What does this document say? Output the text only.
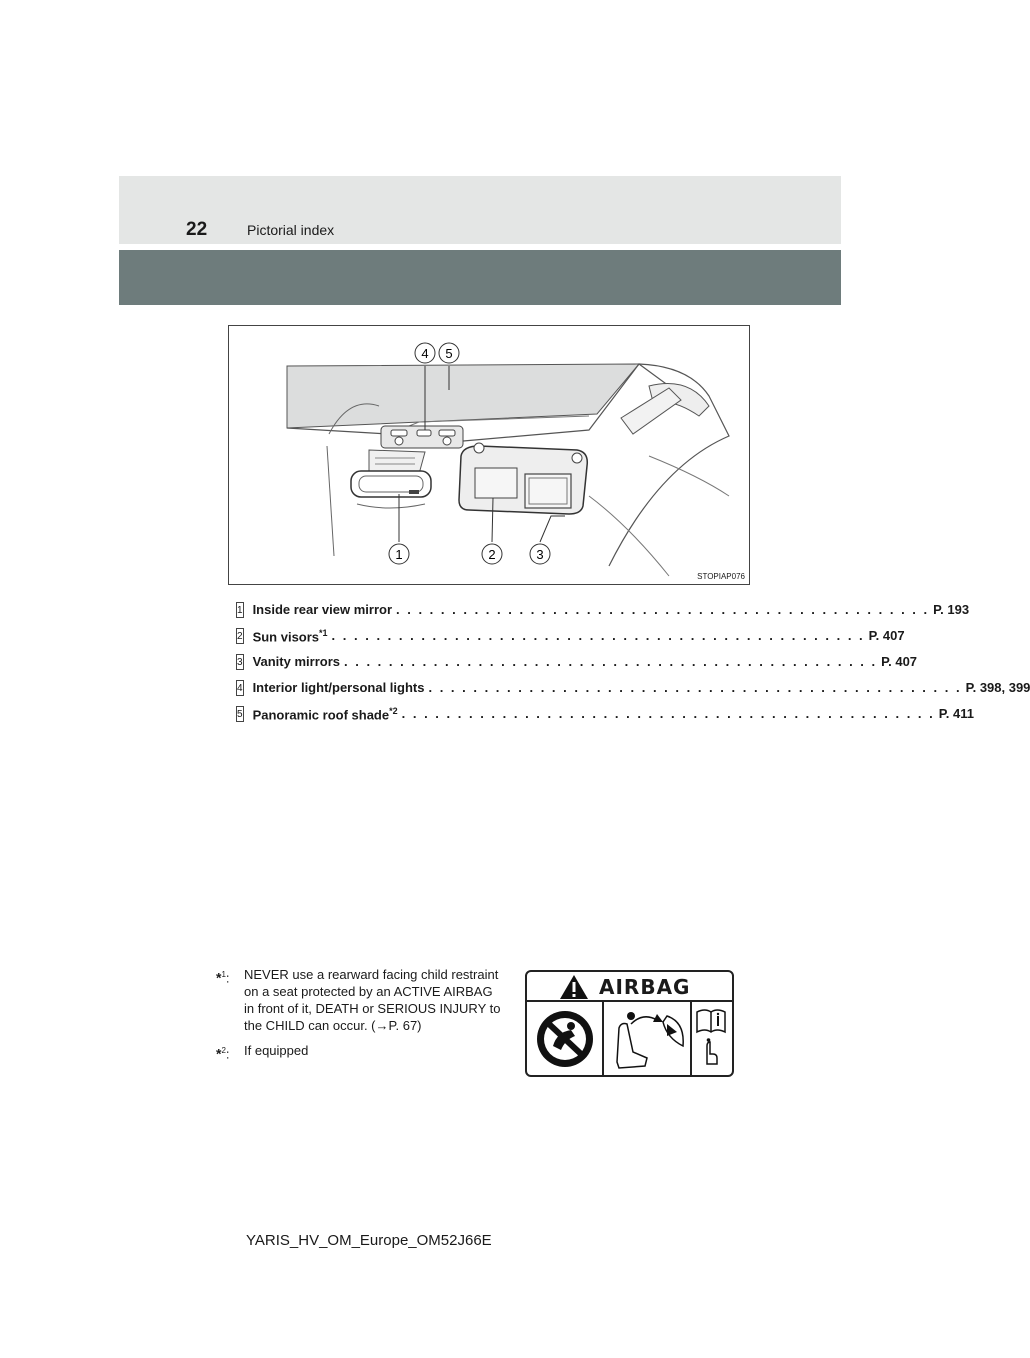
22	Pictorial index
4 5
1	2	3
STOPIAP076
1 Inside rear view mirror . . . . . . . . . . . . . . . . . . . . . . . . . . . . . . . . . . . . . . . . . . . . . . . . P. 193
2 Sun visors$^{*1}$ . . . . . . . . . . . . . . . . . . . . . . . . . . . . . . . . . . . . . . . . . . . . . . . . P. 407
3 Vanity mirrors . . . . . . . . . . . . . . . . . . . . . . . . . . . . . . . . . . . . . . . . . . . . . . . . P. 407
4 Interior light/personal lights . . . . . . . . . . . . . . . . . . . . . . . . . . . . . . . . . . . . . . . . . . . . . . . . P. 398, 399
5 Panoramic roof shade$^{*2}$ . . . . . . . . . . . . . . . . . . . . . . . . . . . . . . . . . . . . . . . . . . . . . . . . P. 411
*$^1$: NEVER use a rearward facing child restraint on a seat protected by an ACTIVE AIRBAG in front of it, DEATH or SERIOUS INJURY to the CHILD can occur. (→P. 67)
*$^2$: If equipped
AIRBAG
YARIS_HV_OM_Europe_OM52J66E
